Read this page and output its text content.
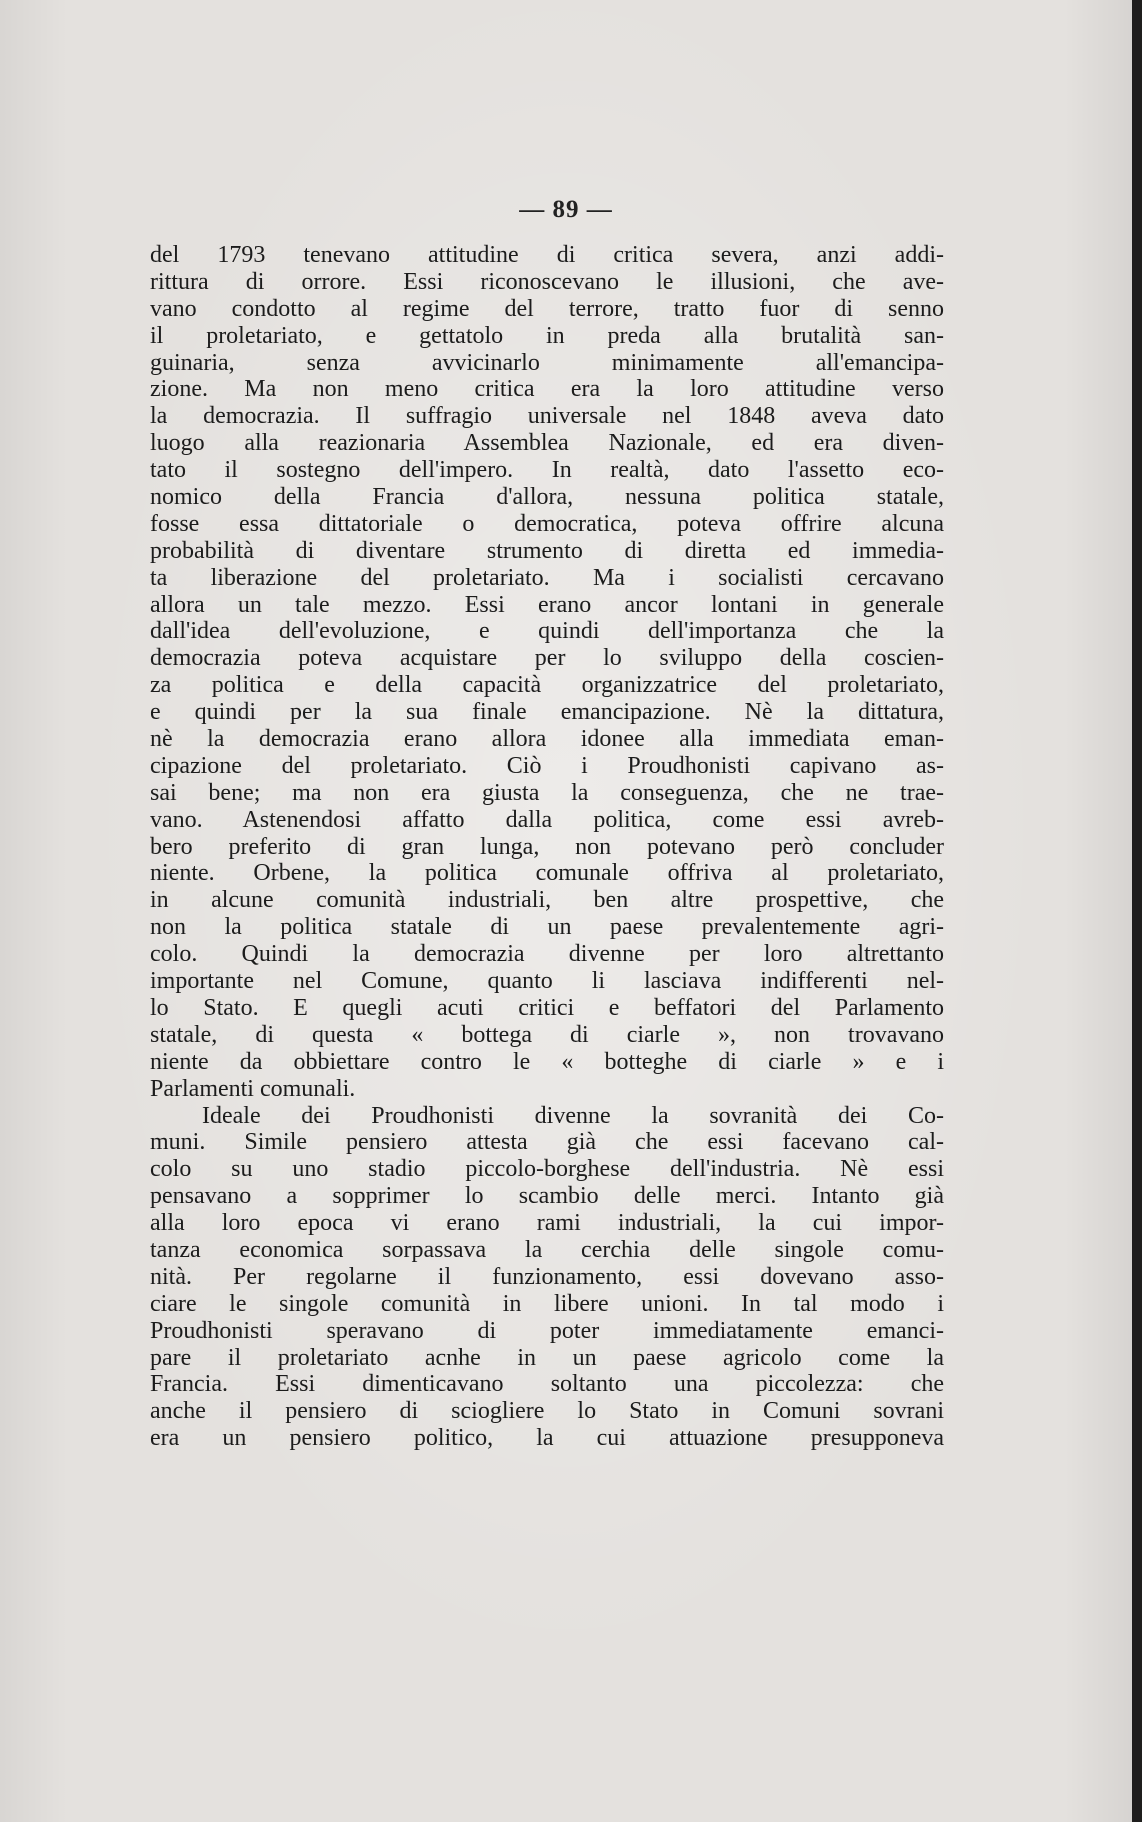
— 89 —
del 1793 tenevano attitudine di critica severa, anzi addi-
rittura di orrore. Essi riconoscevano le illusioni, che ave-
vano condotto al regime del terrore, tratto fuor di senno
il proletariato, e gettatolo in preda alla brutalità san-
guinaria, senza avvicinarlo minimamente all'emancipa-
zione. Ma non meno critica era la loro attitudine verso
la democrazia. Il suffragio universale nel 1848 aveva dato
luogo alla reazionaria Assemblea Nazionale, ed era diven-
tato il sostegno dell'impero. In realtà, dato l'assetto eco-
nomico della Francia d'allora, nessuna politica statale,
fosse essa dittatoriale o democratica, poteva offrire alcuna
probabilità di diventare strumento di diretta ed immedia-
ta liberazione del proletariato. Ma i socialisti cercavano
allora un tale mezzo. Essi erano ancor lontani in generale
dall'idea dell'evoluzione, e quindi dell'importanza che la
democrazia poteva acquistare per lo sviluppo della coscien-
za politica e della capacità organizzatrice del proletariato,
e quindi per la sua finale emancipazione. Nè la dittatura,
nè la democrazia erano allora idonee alla immediata eman-
cipazione del proletariato. Ciò i Proudhonisti capivano as-
sai bene; ma non era giusta la conseguenza, che ne trae-
vano. Astenendosi affatto dalla politica, come essi avreb-
bero preferito di gran lunga, non potevano però concluder
niente. Orbene, la politica comunale offriva al proletariato,
in alcune comunità industriali, ben altre prospettive, che
non la politica statale di un paese prevalentemente agri-
colo. Quindi la democrazia divenne per loro altrettanto
importante nel Comune, quanto li lasciava indifferenti nel-
lo Stato. E quegli acuti critici e beffatori del Parlamento
statale, di questa « bottega di ciarle », non trovavano
niente da obbiettare contro le « botteghe di ciarle » e i
Parlamenti comunali.
Ideale dei Proudhonisti divenne la sovranità dei Co-
muni. Simile pensiero attesta già che essi facevano cal-
colo su uno stadio piccolo-borghese dell'industria. Nè essi
pensavano a sopprimer lo scambio delle merci. Intanto già
alla loro epoca vi erano rami industriali, la cui impor-
tanza economica sorpassava la cerchia delle singole comu-
nità. Per regolarne il funzionamento, essi dovevano asso-
ciare le singole comunità in libere unioni. In tal modo i
Proudhonisti speravano di poter immediatamente emanci-
pare il proletariato acnhe in un paese agricolo come la
Francia. Essi dimenticavano soltanto una piccolezza: che
anche il pensiero di sciogliere lo Stato in Comuni sovrani
era un pensiero politico, la cui attuazione presupponeva
